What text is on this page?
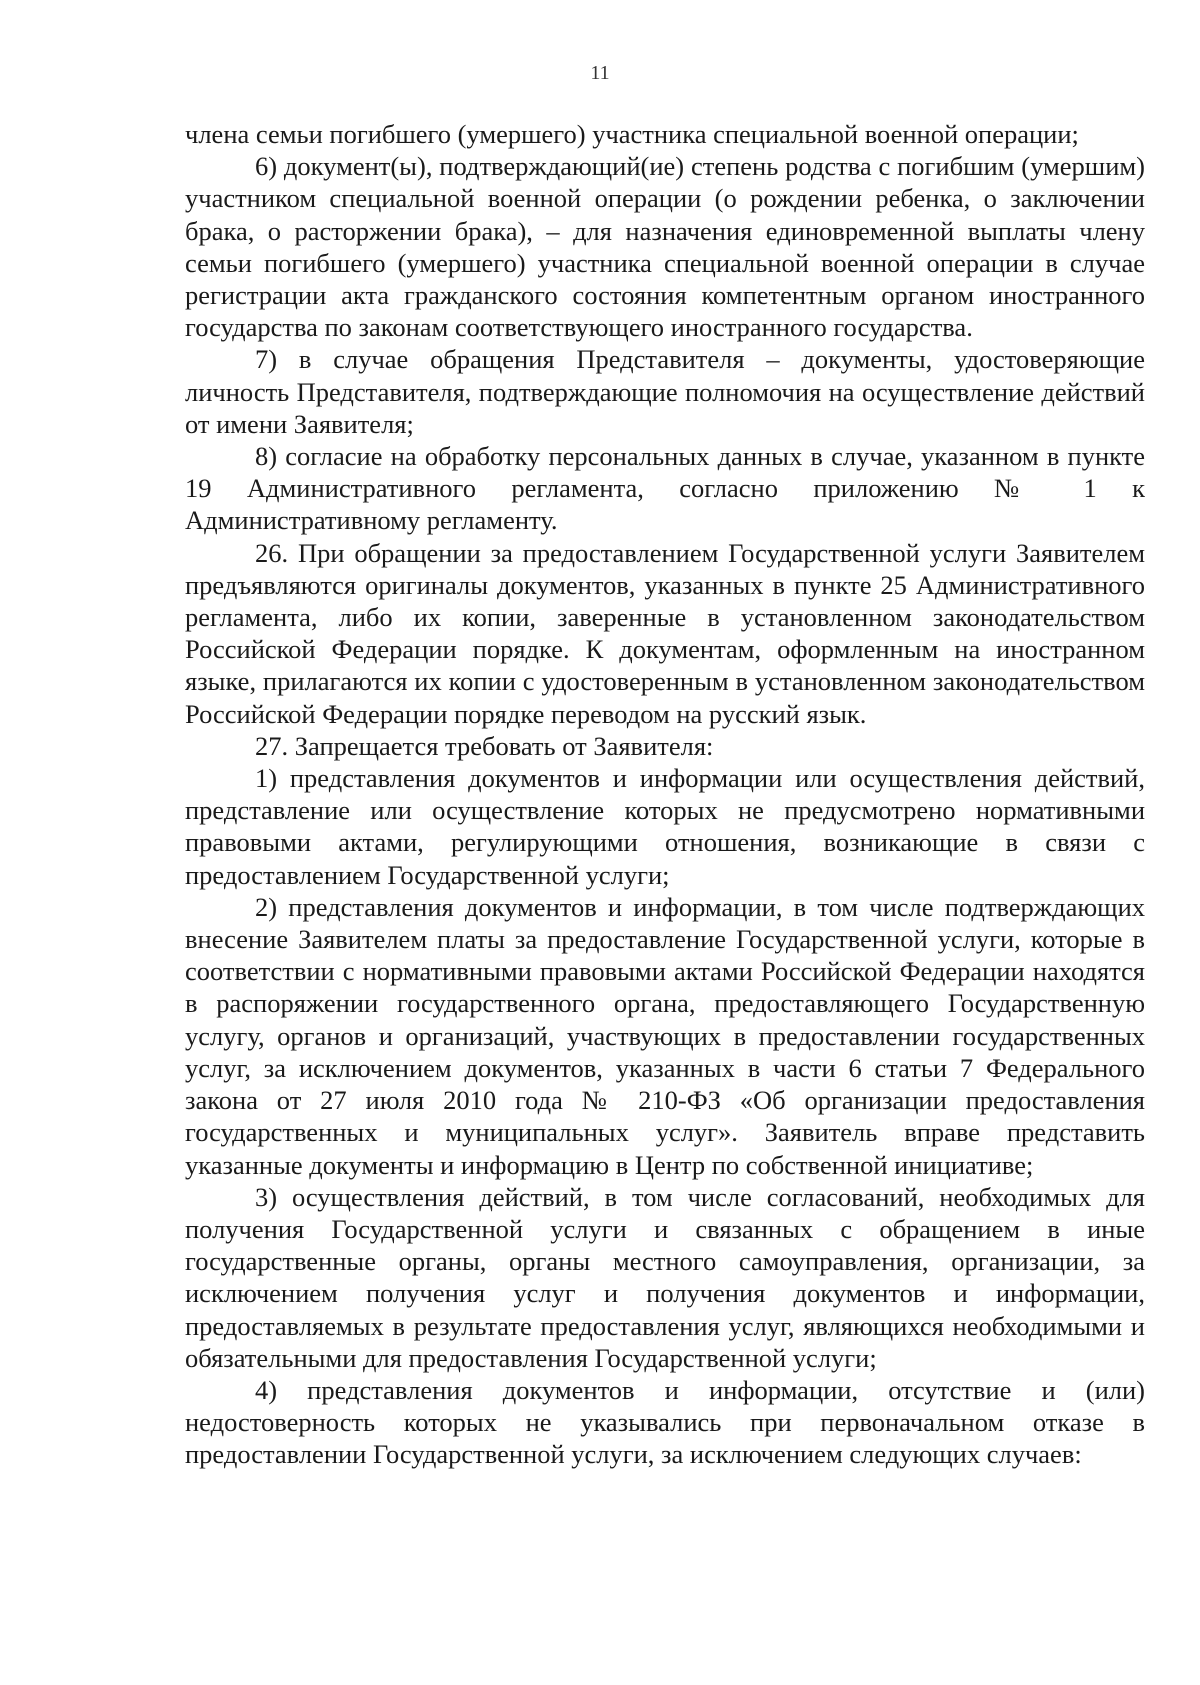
11

члена семьи погибшего (умершего) участника специальной военной операции;

6) документ(ы), подтверждающий(ие) степень родства с погибшим (умершим) участником специальной военной операции (о рождении ребенка, о заключении брака, о расторжении брака), – для назначения единовременной выплаты члену семьи погибшего (умершего) участника специальной военной операции в случае регистрации акта гражданского состояния компетентным органом иностранного государства по законам соответствующего иностранного государства.

7) в случае обращения Представителя – документы, удостоверяющие личность Представителя, подтверждающие полномочия на осуществление действий от имени Заявителя;

8) согласие на обработку персональных данных в случае, указанном в пункте 19 Административного регламента, согласно приложению № 1 к Административному регламенту.

26. При обращении за предоставлением Государственной услуги Заявителем предъявляются оригиналы документов, указанных в пункте 25 Административного регламента, либо их копии, заверенные в установленном законодательством Российской Федерации порядке. К документам, оформленным на иностранном языке, прилагаются их копии с удостоверенным в установленном законодательством Российской Федерации порядке переводом на русский язык.

27. Запрещается требовать от Заявителя:

1) представления документов и информации или осуществления действий, представление или осуществление которых не предусмотрено нормативными правовыми актами, регулирующими отношения, возникающие в связи с предоставлением Государственной услуги;

2) представления документов и информации, в том числе подтверждающих внесение Заявителем платы за предоставление Государственной услуги, которые в соответствии с нормативными правовыми актами Российской Федерации находятся в распоряжении государственного органа, предоставляющего Государственную услугу, органов и организаций, участвующих в предоставлении государственных услуг, за исключением документов, указанных в части 6 статьи 7 Федерального закона от 27 июля 2010 года № 210-ФЗ «Об организации предоставления государственных и муниципальных услуг». Заявитель вправе представить указанные документы и информацию в Центр по собственной инициативе;

3) осуществления действий, в том числе согласований, необходимых для получения Государственной услуги и связанных с обращением в иные государственные органы, органы местного самоуправления, организации, за исключением получения услуг и получения документов и информации, предоставляемых в результате предоставления услуг, являющихся необходимыми и обязательными для предоставления Государственной услуги;

4) представления документов и информации, отсутствие и (или) недостоверность которых не указывались при первоначальном отказе в предоставлении Государственной услуги, за исключением следующих случаев:
